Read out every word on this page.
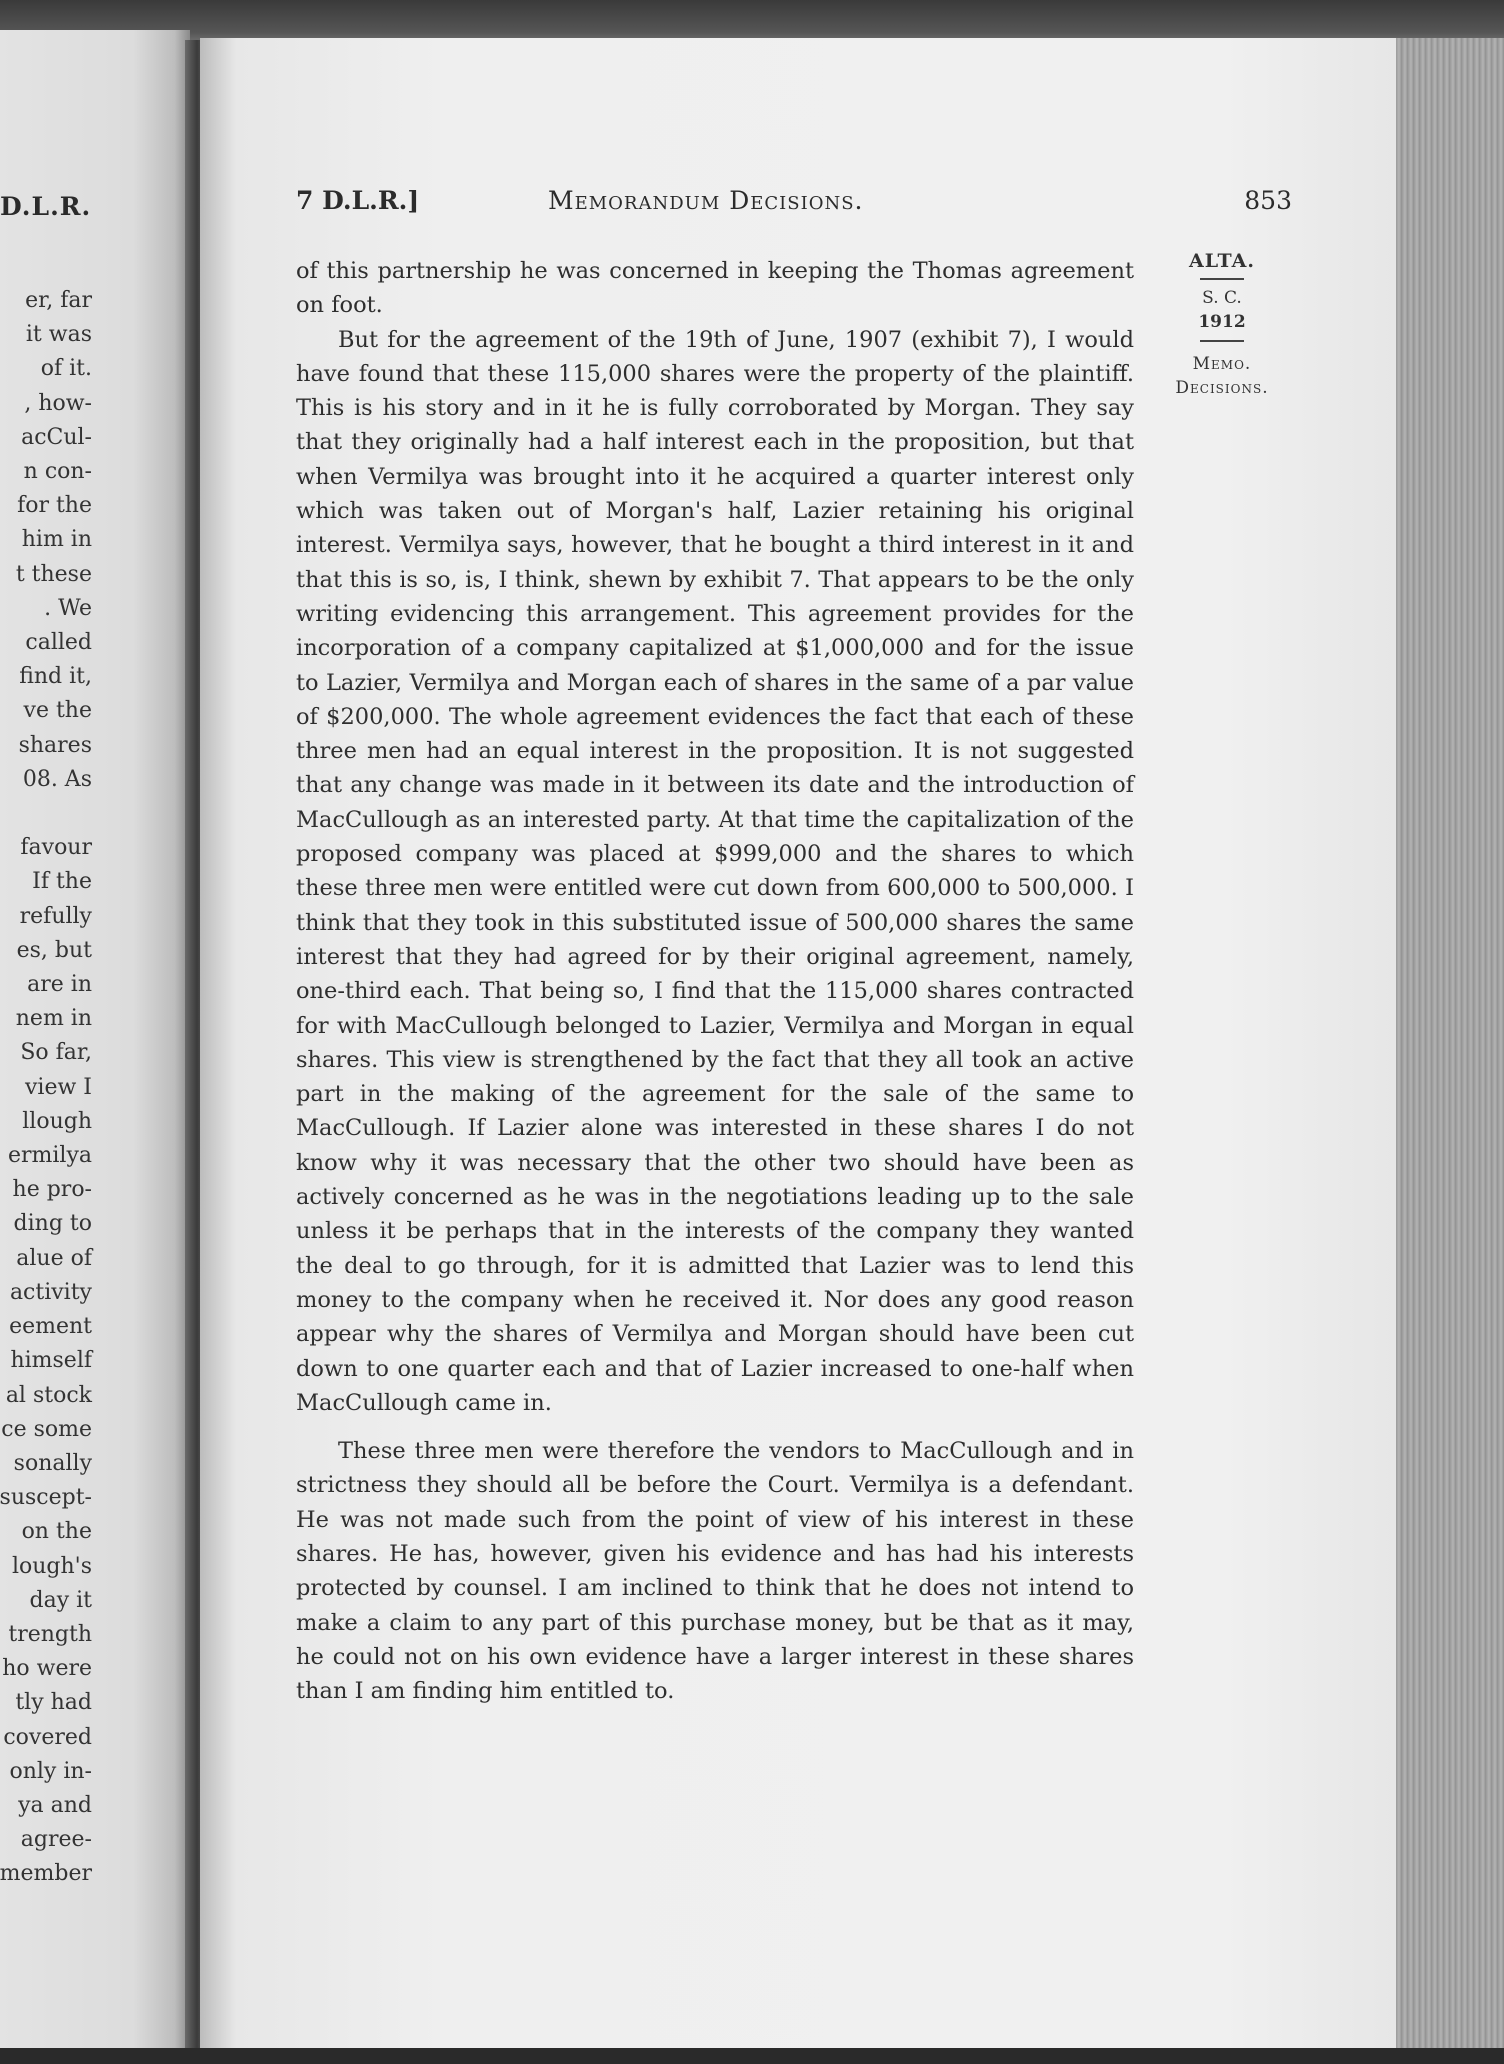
D.L.R.
er, far
it was
of it.
, how-
acCul-
n con-
for the
him in
t these
. We
called
find it,
ve the
shares
08. As

favour
If the
refully
es, but
are in
nem in
So far,
view I
llough
ermilya
he pro-
ding to
alue of
activity
eement
himself
al stock
ce some
sonally
suscept-
on the
lough's
day it
trength
ho were
tly had
covered
only in-
ya and
agree-
member
7 D.L.R.]	Memorandum Decisions.	853
ALTA.
S. C.
1912
Memo.
Decisions.

of this partnership he was concerned in keeping the Thomas agreement on foot.

But for the agreement of the 19th of June, 1907 (exhibit 7), I would have found that these 115,000 shares were the property of the plaintiff. This is his story and in it he is fully corroborated by Morgan. They say that they originally had a half interest each in the proposition, but that when Vermilya was brought into it he acquired a quarter interest only which was taken out of Morgan's half, Lazier retaining his original interest. Vermilya says, however, that he bought a third interest in it and that this is so, is, I think, shewn by exhibit 7. That appears to be the only writing evidencing this arrangement. This agreement provides for the incorporation of a company capitalized at $1,000,000 and for the issue to Lazier, Vermilya and Morgan each of shares in the same of a par value of $200,000. The whole agreement evidences the fact that each of these three men had an equal interest in the proposition. It is not suggested that any change was made in it between its date and the introduction of MacCullough as an interested party. At that time the capitalization of the proposed company was placed at $999,000 and the shares to which these three men were entitled were cut down from 600,000 to 500,000. I think that they took in this substituted issue of 500,000 shares the same interest that they had agreed for by their original agreement, namely, one-third each. That being so, I find that the 115,000 shares contracted for with MacCullough belonged to Lazier, Vermilya and Morgan in equal shares. This view is strengthened by the fact that they all took an active part in the making of the agreement for the sale of the same to MacCullough. If Lazier alone was interested in these shares I do not know why it was necessary that the other two should have been as actively concerned as he was in the negotiations leading up to the sale unless it be perhaps that in the interests of the company they wanted the deal to go through, for it is admitted that Lazier was to lend this money to the company when he received it. Nor does any good reason appear why the shares of Vermilya and Morgan should have been cut down to one quarter each and that of Lazier increased to one-half when MacCullough came in.

These three men were therefore the vendors to MacCullough and in strictness they should all be before the Court. Vermilya is a defendant. He was not made such from the point of view of his interest in these shares. He has, however, given his evidence and has had his interests protected by counsel. I am inclined to think that he does not intend to make a claim to any part of this purchase money, but be that as it may, he could not on his own evidence have a larger interest in these shares than I am finding him entitled to.
